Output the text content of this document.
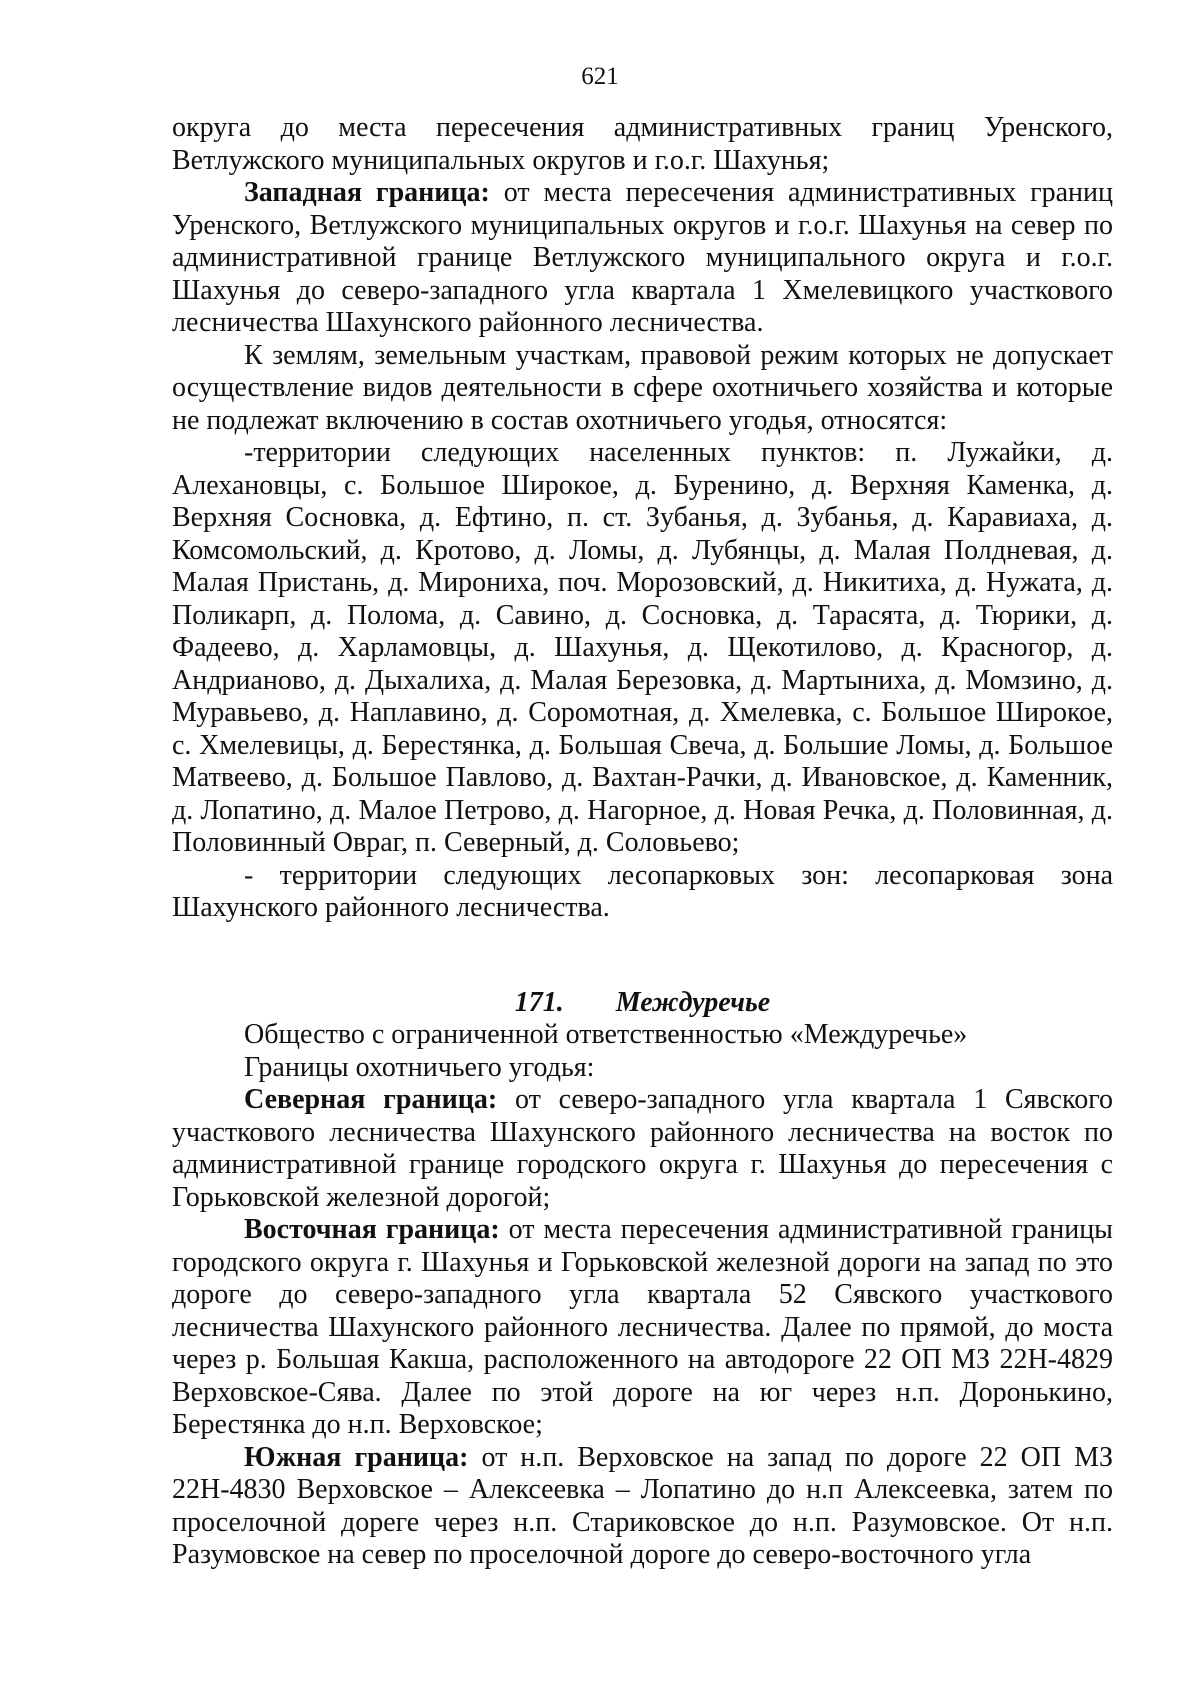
621

округа до места пересечения административных границ Уренского, Ветлужского муниципальных округов и г.о.г. Шахунья;

Западная граница: от места пересечения административных границ Уренского, Ветлужского муниципальных округов и г.о.г. Шахунья на север по административной границе Ветлужского муниципального округа и г.о.г. Шахунья до северо-западного угла квартала 1 Хмелевицкого участкового лесничества Шахунского районного лесничества.

К землям, земельным участкам, правовой режим которых не допускает осуществление видов деятельности в сфере охотничьего хозяйства и которые не подлежат включению в состав охотничьего угодья, относятся:

-территории следующих населенных пунктов: п. Лужайки, д. Алехановцы, с. Большое Широкое, д. Буренино, д. Верхняя Каменка, д. Верхняя Сосновка, д. Ефтино, п. ст. Зубанья, д. Зубанья, д. Каравиаха, д. Комсомольский, д. Кротово, д. Ломы, д. Лубянцы, д. Малая Полдневая, д. Малая Пристань, д. Мирониха, поч. Морозовский, д. Никитиха, д. Нужата, д. Поликарп, д. Полома, д. Савино, д. Сосновка, д. Тарасята, д. Тюрики, д. Фадеево, д. Харламовцы, д. Шахунья, д. Щекотилово, д. Красногор, д. Андрианово, д. Дыхалиха, д. Малая Березовка, д. Мартыниха, д. Момзино, д. Муравьево, д. Наплавино, д. Соромотная, д. Хмелевка, с. Большое Широкое, с. Хмелевицы, д. Берестянка, д. Большая Свеча, д. Большие Ломы, д. Большое Матвеево, д. Большое Павлово, д. Вахтан-Рачки, д. Ивановское, д. Каменник, д. Лопатино, д. Малое Петрово, д. Нагорное, д. Новая Речка, д. Половинная, д. Половинный Овраг, п. Северный, д. Соловьево;

- территории следующих лесопарковых зон: лесопарковая зона Шахунского районного лесничества.

171. Междуречье

Общество с ограниченной ответственностью «Междуречье»

Границы охотничьего угодья:

Северная граница: от северо-западного угла квартала 1 Сявского участкового лесничества Шахунского районного лесничества на восток по административной границе городского округа г. Шахунья до пересечения с Горьковской железной дорогой;

Восточная граница: от места пересечения административной границы городского округа г. Шахунья и Горьковской железной дороги на запад по это дороге до северо-западного угла квартала 52 Сявского участкового лесничества Шахунского районного лесничества. Далее по прямой, до моста через р. Большая Какша, расположенного на автодороге 22 ОП МЗ 22Н-4829 Верховское-Сява. Далее по этой дороге на юг через н.п. Доронькино, Берестянка до н.п. Верховское;

Южная граница: от н.п. Верховское на запад по дороге 22 ОП МЗ 22Н-4830 Верховское – Алексеевка – Лопатино до н.п Алексеевка, затем по проселочной дореге через н.п. Стариковское до н.п. Разумовское. От н.п. Разумовское на север по проселочной дороге до северо-восточного угла
